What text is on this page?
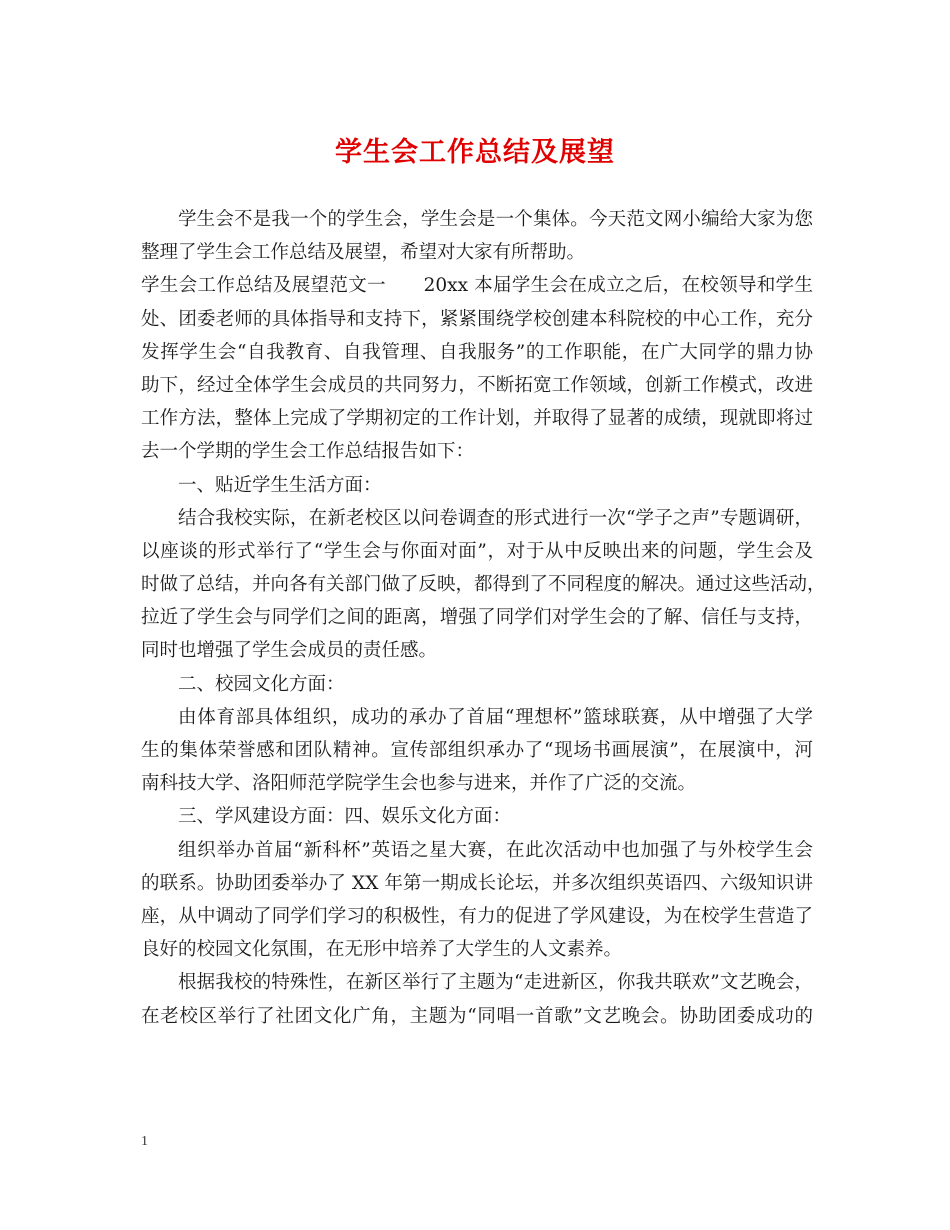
学生会工作总结及展望
学生会不是我一个的学生会，学生会是一个集体。今天范文网小编给大家为您
整理了学生会工作总结及展望，希望对大家有所帮助。
学生会工作总结及展望范文一　　20xx 本届学生会在成立之后，在校领导和学生
处、团委老师的具体指导和支持下，紧紧围绕学校创建本科院校的中心工作，充分
发挥学生会“自我教育、自我管理、自我服务”的工作职能，在广大同学的鼎力协
助下，经过全体学生会成员的共同努力，不断拓宽工作领域，创新工作模式，改进
工作方法，整体上完成了学期初定的工作计划，并取得了显著的成绩，现就即将过
去一个学期的学生会工作总结报告如下：
一、贴近学生生活方面：
结合我校实际，在新老校区以问卷调查的形式进行一次“学子之声”专题调研，
以座谈的形式举行了“学生会与你面对面”，对于从中反映出来的问题，学生会及
时做了总结，并向各有关部门做了反映，都得到了不同程度的解决。通过这些活动，
拉近了学生会与同学们之间的距离，增强了同学们对学生会的了解、信任与支持，
同时也增强了学生会成员的责任感。
二、校园文化方面：
由体育部具体组织，成功的承办了首届“理想杯”篮球联赛，从中增强了大学
生的集体荣誉感和团队精神。宣传部组织承办了“现场书画展演”，在展演中，河
南科技大学、洛阳师范学院学生会也参与进来，并作了广泛的交流。
三、学风建设方面：四、娱乐文化方面：
组织举办首届“新科杯”英语之星大赛，在此次活动中也加强了与外校学生会
的联系。协助团委举办了 XX 年第一期成长论坛，并多次组织英语四、六级知识讲
座，从中调动了同学们学习的积极性，有力的促进了学风建设，为在校学生营造了
良好的校园文化氛围，在无形中培养了大学生的人文素养。
根据我校的特殊性，在新区举行了主题为“走进新区，你我共联欢”文艺晚会，
在老校区举行了社团文化广角，主题为“同唱一首歌”文艺晚会。协助团委成功的
1
